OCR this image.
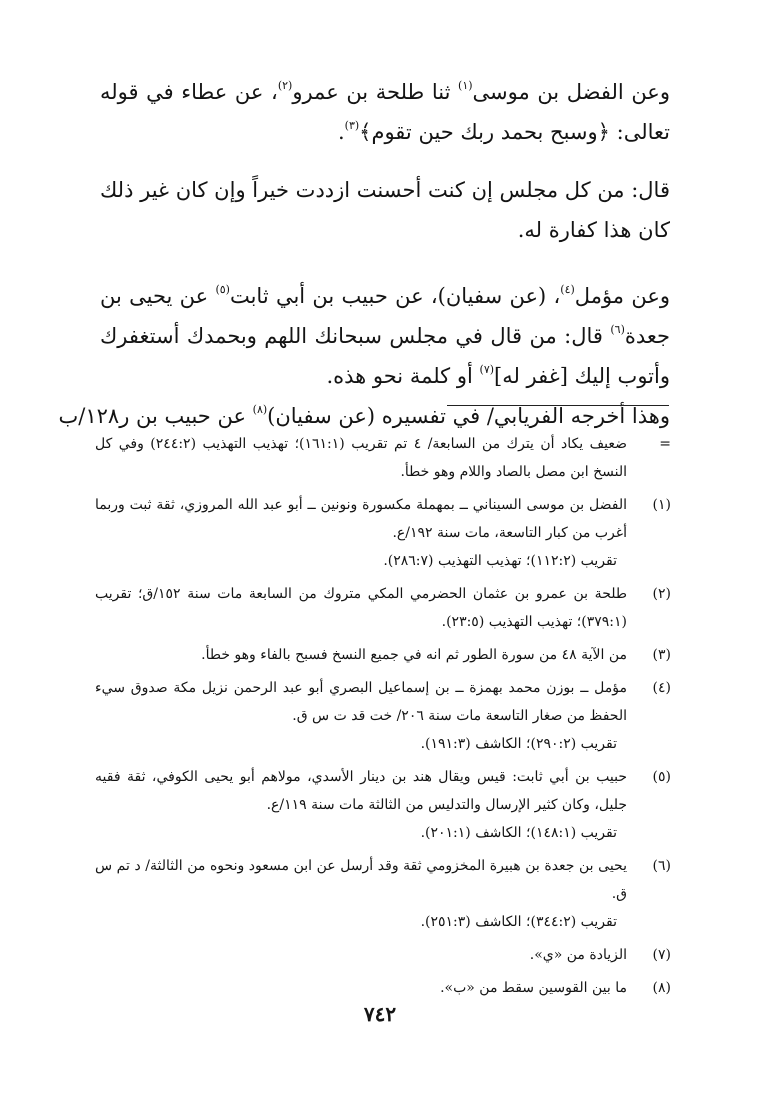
وعن الفضل بن موسى$^{(١)}$ ثنا طلحة بن عمرو$^{(٢)}$، عن عطاء في قوله تعالى: ﴿وسبح بحمد ربك حين تقوم﴾$^{(٣)}$.

قال: من كل مجلس إن كنت أحسنت ازددت خيراً وإن كان غير ذلك كان هذا كفارة له.

وعن مؤمل$^{(٤)}$، (عن سفيان)، عن حبيب بن أبي ثابت$^{(٥)}$ عن يحيى بن جعدة$^{(٦)}$ قال: من قال في مجلس سبحانك اللهم وبحمدك أستغفرك وأتوب إليك [غفر له]$^{(٧)}$ أو كلمة نحو هذه.

وهذا أخرجه الفريابي/ في تفسيره (عن سفيان)$^{(٨)}$ عن حبيب بن ر١٢٨/ب

=
ضعيف يكاد أن يترك من السابعة/ ٤ تم تقريب (١٦١:١)؛ تهذيب التهذيب (٢٤٤:٢) وفي كل النسخ ابن مصل بالصاد واللام وهو خطأ.
(١)
الفضل بن موسى السيناني ــ بمهملة مكسورة ونونين ــ أبو عبد الله المروزي، ثقة ثبت وربما أغرب من كبار التاسعة، مات سنة ١٩٢/ع.
تقريب (١١٢:٢)؛ تهذيب التهذيب (٢٨٦:٧).
(٢)
طلحة بن عمرو بن عثمان الحضرمي المكي متروك من السابعة مات سنة ١٥٢/ق؛ تقريب (٣٧٩:١)؛ تهذيب التهذيب (٢٣:٥).
(٣)
من الآية ٤٨ من سورة الطور ثم انه في جميع النسخ فسبح بالفاء وهو خطأ.
(٤)
مؤمل ــ بوزن محمد بهمزة ــ بن إسماعيل البصري أبو عبد الرحمن نزيل مكة صدوق سيء الحفظ من صغار التاسعة مات سنة ٢٠٦/ خت قد ت س ق.
تقريب (٢٩٠:٢)؛ الكاشف (١٩١:٣).
(٥)
حبيب بن أبي ثابت: قيس ويقال هند بن دينار الأسدي، مولاهم أبو يحيى الكوفي، ثقة فقيه جليل، وكان كثير الإرسال والتدليس من الثالثة مات سنة ١١٩/ع.
تقريب (١٤٨:١)؛ الكاشف (٢٠١:١).
(٦)
يحيى بن جعدة بن هبيرة المخزومي ثقة وقد أرسل عن ابن مسعود ونحوه من الثالثة/ د تم س ق.
تقريب (٣٤٤:٢)؛ الكاشف (٢٥١:٣).
(٧)
الزيادة من «ي».
(٨)
ما بين القوسين سقط من «ب».
٧٤٢
